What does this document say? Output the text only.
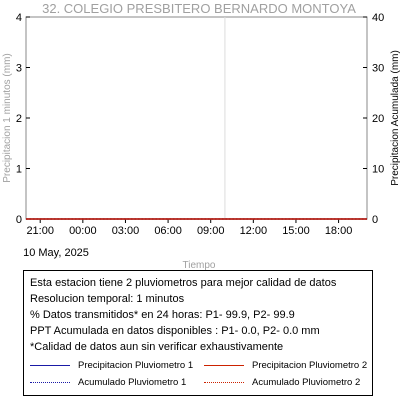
32. COLEGIO PRESBITERO BERNARDO MONTOYA
0
1
2
3
4
0
10
20
30
40
21:00 00:00 03:00 06:00 09:00 12:00 15:00 18:00
Precipitacion 1 minutos (mm)	Precipitacion Acumulada (mm)
10 May, 2025
Tiempo
Esta estacion tiene 2 pluviometros para mejor calidad de datos
Resolucion temporal: 1 minutos
% Datos transmitidos* en 24 horas: P1- 99.9, P2- 99.9
PPT Acumulada en datos disponibles : P1- 0.0, P2- 0.0 mm
*Calidad de datos aun sin verificar exhaustivamente
Precipitacion Pluviometro 1	Precipitacion Pluviometro 2
Acumulado Pluviometro 1	Acumulado Pluviometro 2
